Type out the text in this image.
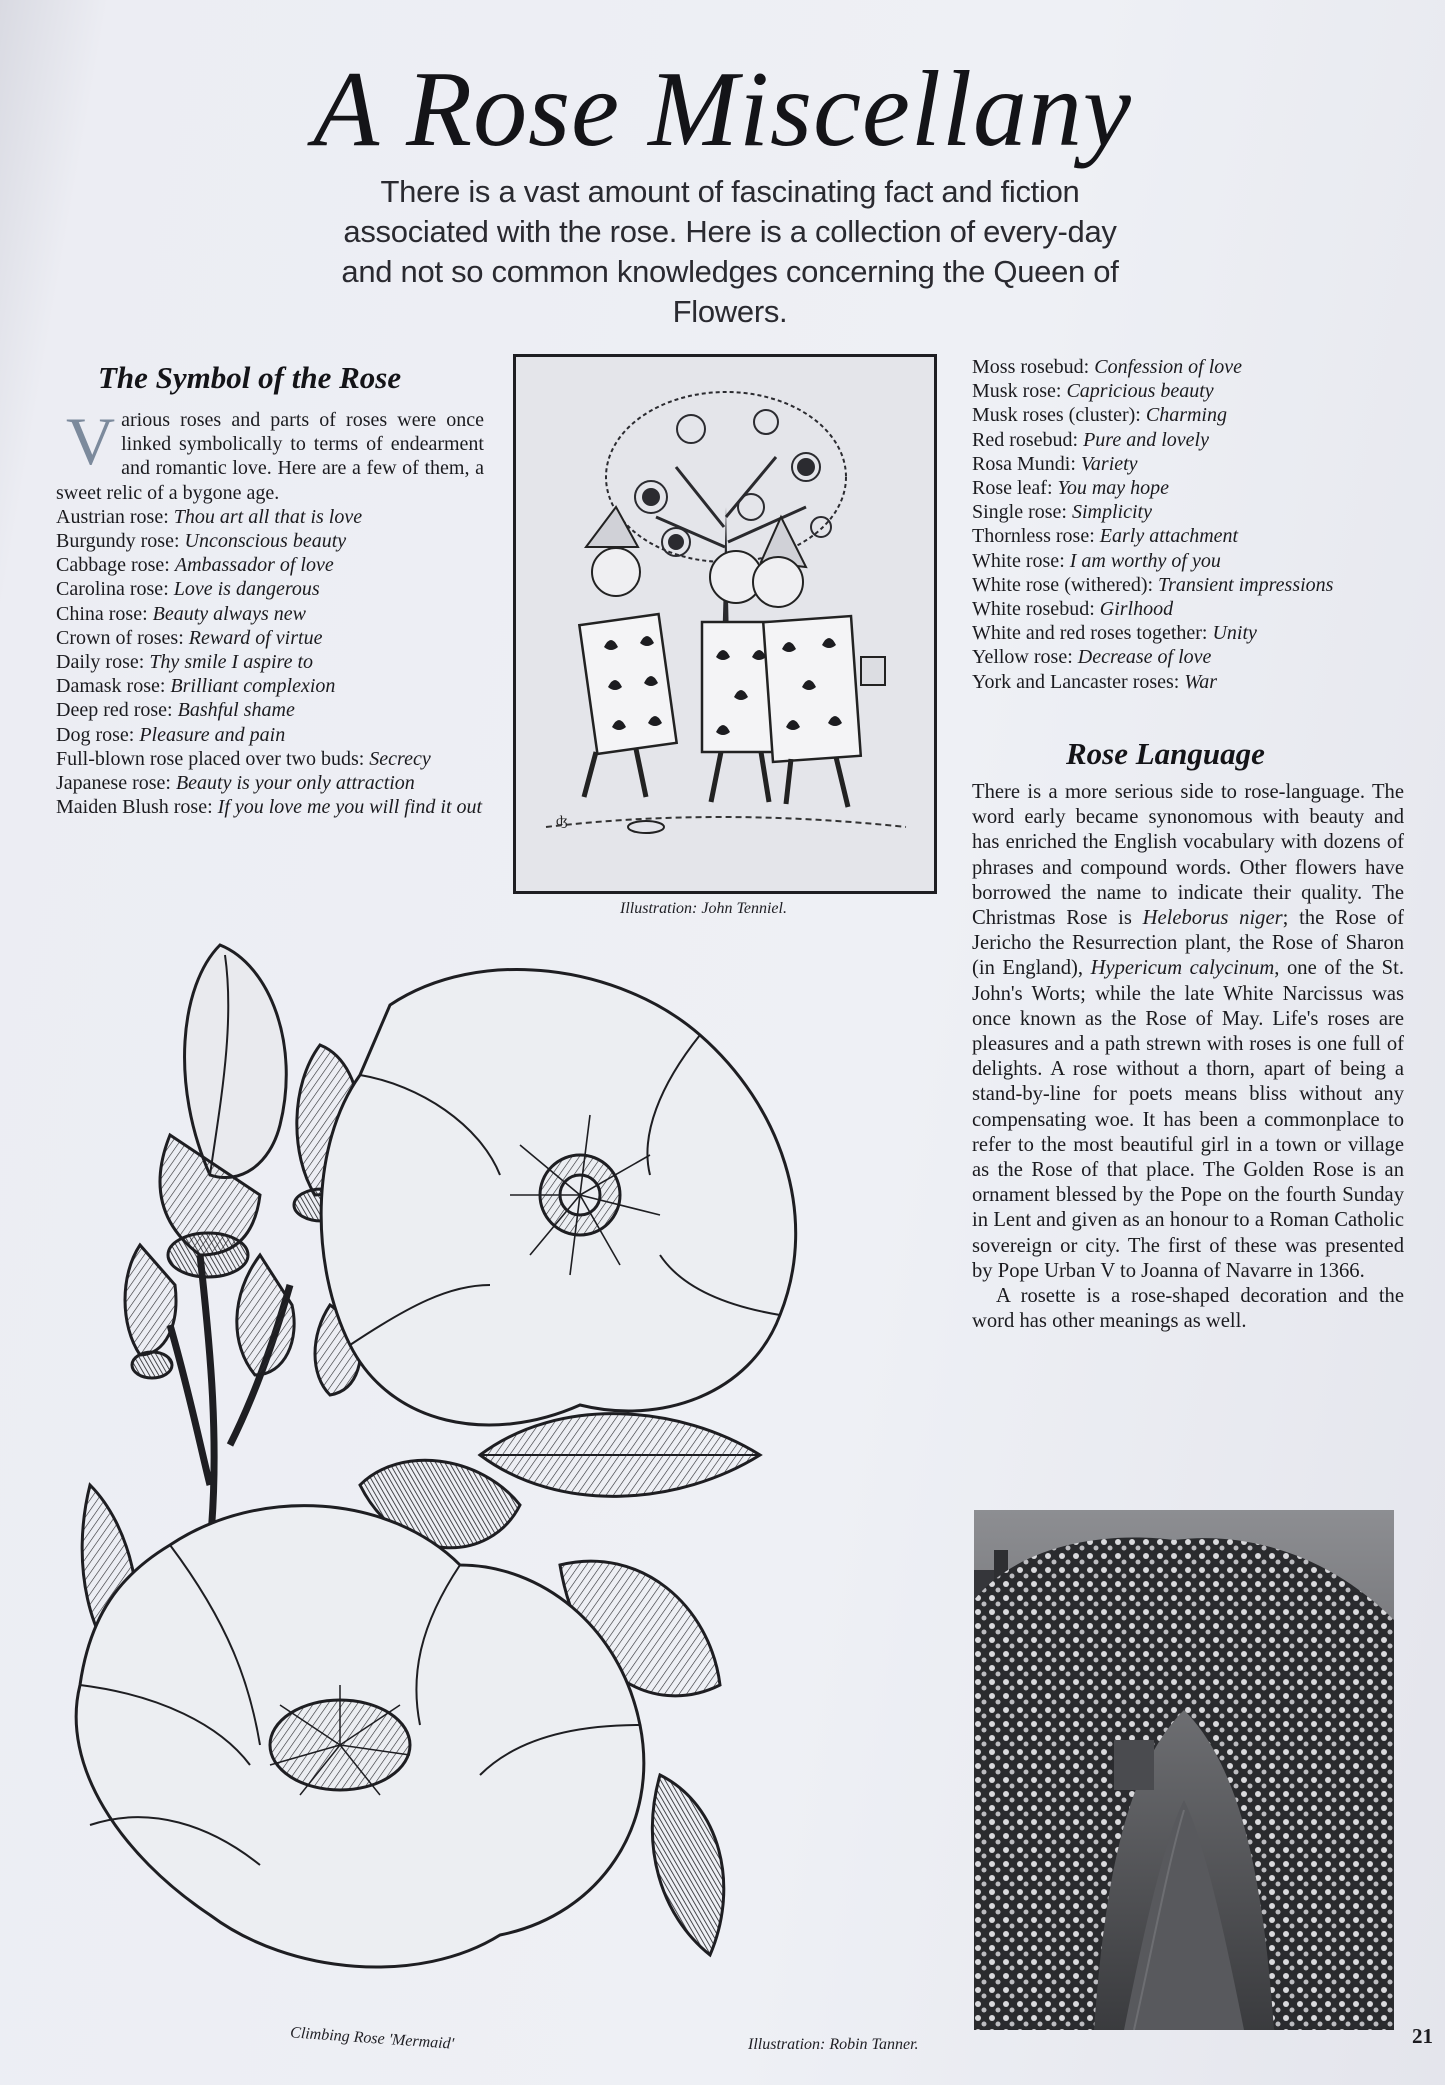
A Rose Miscellany
There is a vast amount of fascinating fact and fiction associated with the rose. Here is a collection of every-day and not so common knowledges concerning the Queen of Flowers.
The Symbol of the Rose
Various roses and parts of roses were once linked symbolically to terms of endearment and romantic love. Here are a few of them, a sweet relic of a bygone age.
Austrian rose: Thou art all that is love
Burgundy rose: Unconscious beauty
Cabbage rose: Ambassador of love
Carolina rose: Love is dangerous
China rose: Beauty always new
Crown of roses: Reward of virtue
Daily rose: Thy smile I aspire to
Damask rose: Brilliant complexion
Deep red rose: Bashful shame
Dog rose: Pleasure and pain
Full-blown rose placed over two buds: Secrecy
Japanese rose: Beauty is your only attraction
Maiden Blush rose: If you love me you will find it out
ʤ
Illustration: John Tenniel.
Moss rosebud: Confession of love
Musk rose: Capricious beauty
Musk roses (cluster): Charming
Red rosebud: Pure and lovely
Rosa Mundi: Variety
Rose leaf: You may hope
Single rose: Simplicity
Thornless rose: Early attachment
White rose: I am worthy of you
White rose (withered): Transient impressions
White rosebud: Girlhood
White and red roses together: Unity
Yellow rose: Decrease of love
York and Lancaster roses: War
Rose Language

There is a more serious side to rose-language. The word early became synonomous with beauty and has enriched the English vocabulary with dozens of phrases and compound words. Other flowers have borrowed the name to indicate their quality. The Christmas Rose is Heleborus niger; the Rose of Jericho the Resurrection plant, the Rose of Sharon (in England), Hypericum calycinum, one of the St. John's Worts; while the late White Narcissus was once known as the Rose of May. Life's roses are pleasures and a path strewn with roses is one full of delights. A rose without a thorn, apart of being a stand-by-line for poets means bliss without any compensating woe. It has been a commonplace to refer to the most beautiful girl in a town or village as the Rose of that place. The Golden Rose is an ornament blessed by the Pope on the fourth Sunday in Lent and given as an honour to a Roman Catholic sovereign or city. The first of these was presented by Pope Urban V to Joanna of Navarre in 1366.

A rosette is a rose-shaped decoration and the word has other meanings as well.

Climbing Rose 'Mermaid'	Illustration: Robin Tanner.	21
